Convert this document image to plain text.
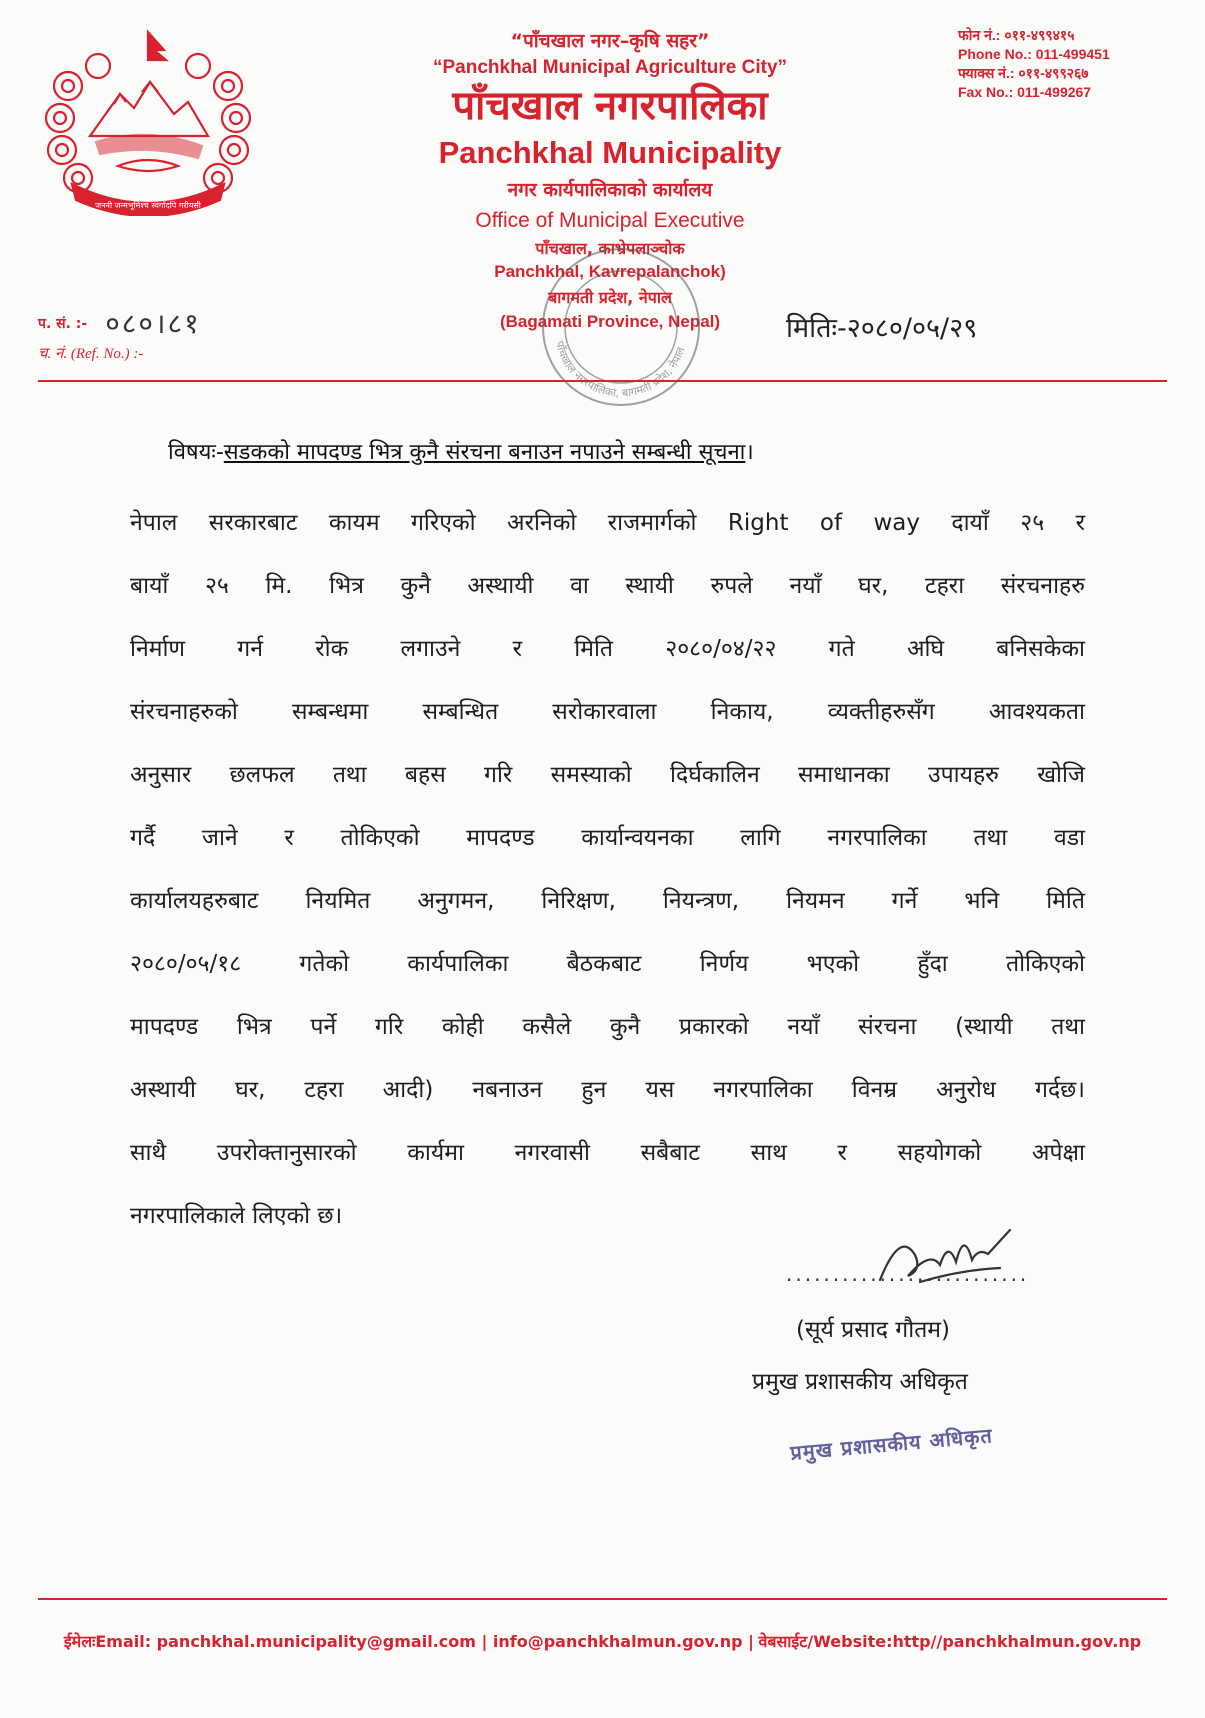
जननी जन्मभूमिश्च स्वर्गादपि गरीयसी
“पाँचखाल नगर–कृषि सहर”
“Panchkhal Municipal Agriculture City”
पाँचखाल नगरपालिका
Panchkhal Municipality
नगर कार्यपालिकाको कार्यालय
Office of Municipal Executive
पाँचखाल, काभ्रेपलाञ्चोक
Panchkhal, Kavrepalanchok)
बागमती प्रदेश, नेपाल
(Bagamati Province, Nepal)
पाँचखाल नगरपालिका, बागमती प्रदेश, नेपाल
फोन नं.: ०११-४९९४१५
Phone No.: 011-499451
फ्याक्स नं.: ०११-४९९२६७
Fax No.: 011-499267
प. सं. :- ०८०।८१
च. नं. (Ref. No.) :-
मितिः-२०८०/०५/२९
विषयः-सडकको मापदण्ड भित्र कुनै संरचना बनाउन नपाउने सम्बन्धी सूचना।
नेपाल सरकारबाट कायम गरिएको अरनिको राजमार्गको Right of way दायाँ २५ र
बायाँ २५ मि. भित्र कुनै अस्थायी वा स्थायी रुपले नयाँ घर, टहरा संरचनाहरु
निर्माण गर्न रोक लगाउने र मिति २०८०/०४/२२ गते अघि बनिसकेका
संरचनाहरुको सम्बन्धमा सम्बन्धित सरोकारवाला निकाय, व्यक्तीहरुसँग आवश्यकता
अनुसार छलफल तथा बहस गरि समस्याको दिर्घकालिन समाधानका उपायहरु खोजि
गर्दै जाने र तोकिएको मापदण्ड कार्यान्वयनका लागि नगरपालिका तथा वडा
कार्यालयहरुबाट नियमित अनुगमन, निरिक्षण, नियन्त्रण, नियमन गर्ने भनि मिति
२०८०/०५/१८ गतेको कार्यपालिका बैठकबाट निर्णय भएको हुँदा तोकिएको
मापदण्ड भित्र पर्ने गरि कोही कसैले कुनै प्रकारको नयाँ संरचना (स्थायी तथा
अस्थायी घर, टहरा आदी) नबनाउन हुन यस नगरपालिका विनम्र अनुरोध गर्दछ।
साथै उपरोक्तानुसारको कार्यमा नगरवासी सबैबाट साथ र सहयोगको अपेक्षा
नगरपालिकाले लिएको छ।
..........................
(सूर्य प्रसाद गौतम)
प्रमुख प्रशासकीय अधिकृत
प्रमुख प्रशासकीय अधिकृत
ईमेलःEmail: panchkhal.municipality@gmail.com | info@panchkhalmun.gov.np | वेबसाईट/Website:http//panchkhalmun.gov.np
